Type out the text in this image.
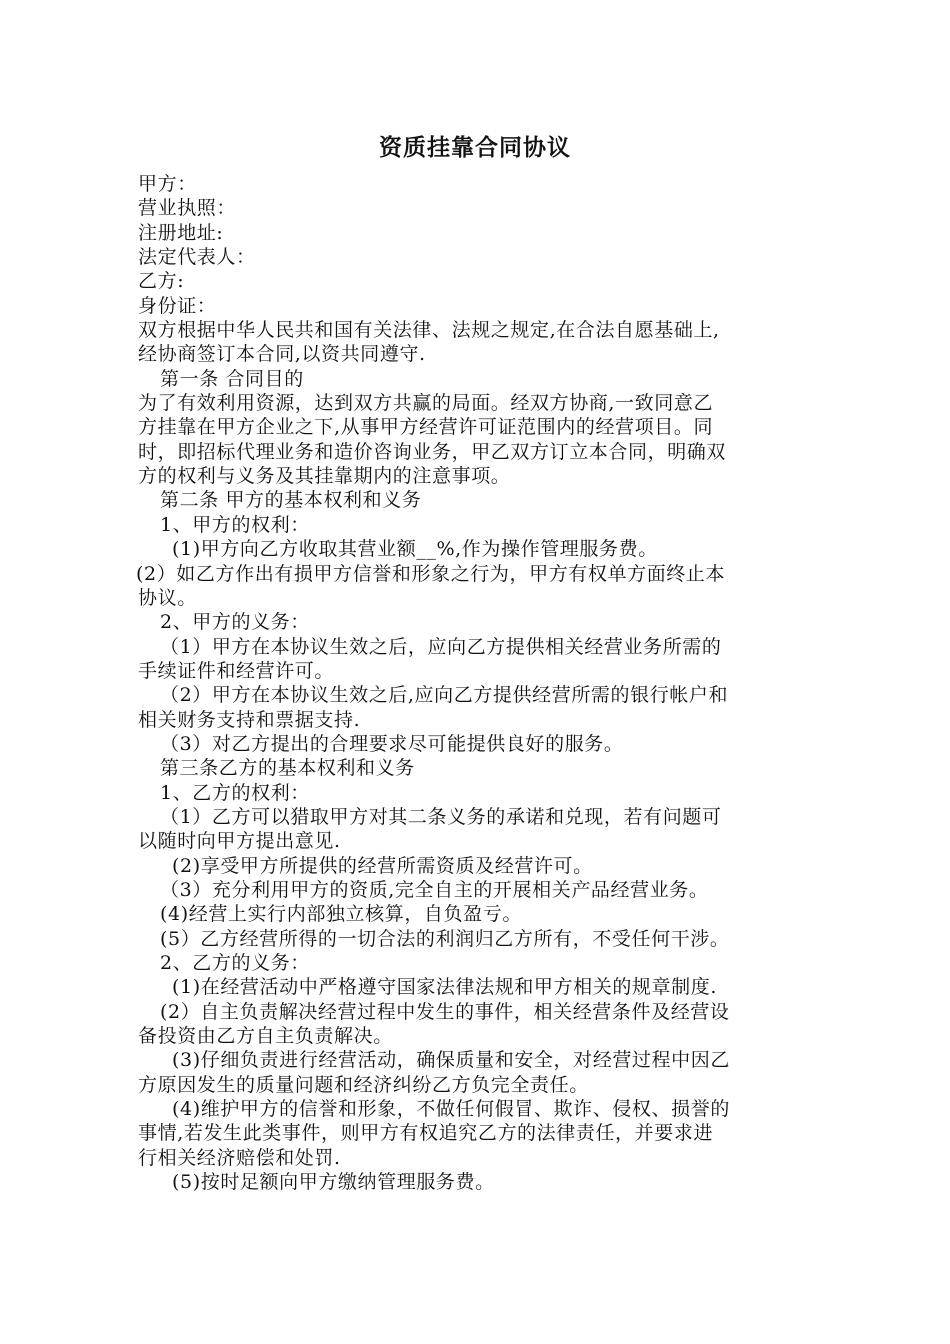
资质挂靠合同协议
甲方：
营业执照：
注册地址:
法定代表人：
乙方:
身份证：
双方根据中华人民共和国有关法律、法规之规定,在合法自愿基础上,
经协商签订本合同,以资共同遵守.
第一条 合同目的
为了有效利用资源，达到双方共赢的局面。经双方协商,一致同意乙
方挂靠在甲方企业之下,从事甲方经营许可证范围内的经营项目。同
时，即招标代理业务和造价咨询业务，甲乙双方订立本合同，明确双
方的权利与义务及其挂靠期内的注意事项。
第二条 甲方的基本权利和义务
1、甲方的权利：
(1)甲方向乙方收取其营业额__%,作为操作管理服务费。
(2）如乙方作出有损甲方信誉和形象之行为，甲方有权单方面终止本
协议。
2、甲方的义务：
（1）甲方在本协议生效之后，应向乙方提供相关经营业务所需的
手续证件和经营许可。
（2）甲方在本协议生效之后,应向乙方提供经营所需的银行帐户和
相关财务支持和票据支持.
（3）对乙方提出的合理要求尽可能提供良好的服务。
第三条乙方的基本权利和义务
1、乙方的权利：
（1）乙方可以猎取甲方对其二条义务的承诺和兑现，若有问题可
以随时向甲方提出意见.
(2)享受甲方所提供的经营所需资质及经营许可。
（3）充分利用甲方的资质,完全自主的开展相关产品经营业务。
(4)经营上实行内部独立核算，自负盈亏。
(5）乙方经营所得的一切合法的利润归乙方所有，不受任何干涉。
2、乙方的义务：
(1)在经营活动中严格遵守国家法律法规和甲方相关的规章制度.
(2）自主负责解决经营过程中发生的事件，相关经营条件及经营设
备投资由乙方自主负责解决。
(3)仔细负责进行经营活动，确保质量和安全，对经营过程中因乙
方原因发生的质量问题和经济纠纷乙方负完全责任。
(4)维护甲方的信誉和形象，不做任何假冒、欺诈、侵权、损誉的
事情,若发生此类事件，则甲方有权追究乙方的法律责任，并要求进
行相关经济赔偿和处罚.
(5)按时足额向甲方缴纳管理服务费。
